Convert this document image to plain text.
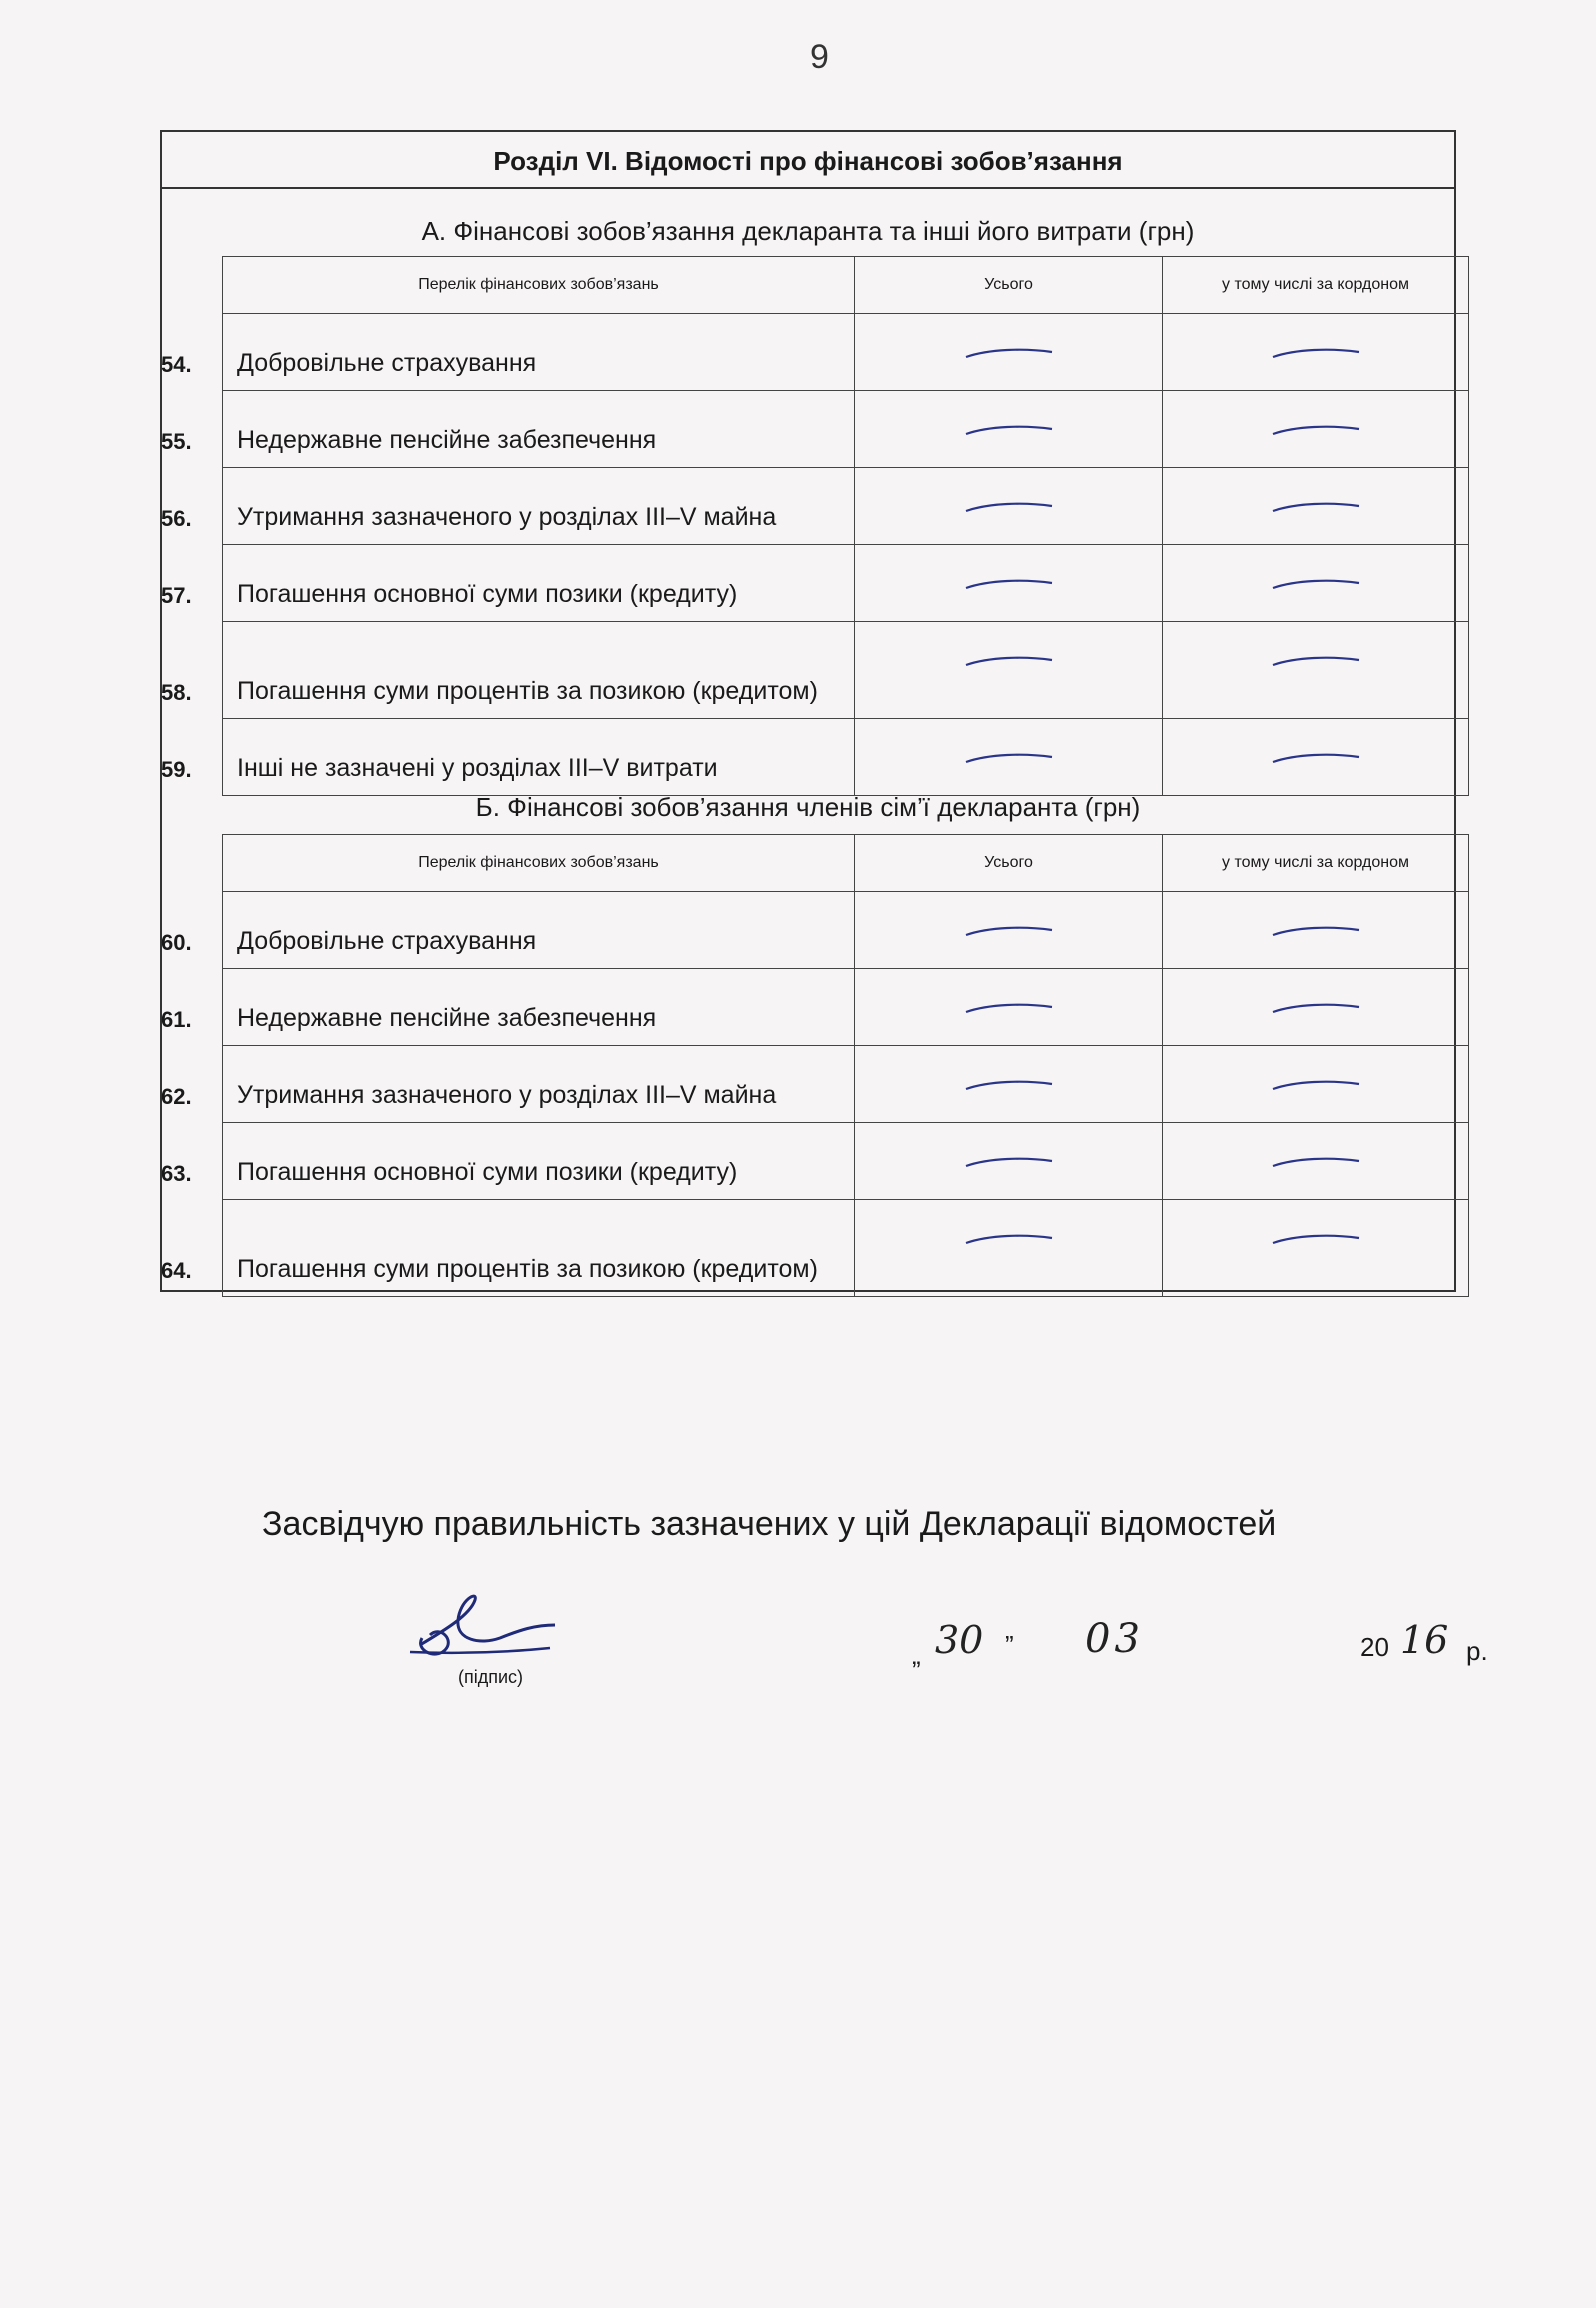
9
Розділ VI. Відомості про фінансові зобов’язання
А. Фінансові зобов’язання декларанта та інші його витрати (грн)
Перелік фінансових зобов’язань	Усього	у тому числі за кордоном

54. Добровільне страхування	

55. Недержавне пенсійне забезпечення	

56. Утримання зазначеного у розділах III–V майна	

57. Погашення основної суми позики (кредиту)	

58. Погашення суми процентів за позикою (кредитом)	

59. Інші не зазначені у розділах III–V витрати	

Б. Фінансові зобов’язання членів сім’ї декларанта (грн)
Перелік фінансових зобов’язань	Усього	у тому числі за кордоном

60. Добровільне страхування	

61. Недержавне пенсійне забезпечення	

62. Утримання зазначеного у розділах III–V майна	

63. Погашення основної суми позики (кредиту)	

64. Погашення суми процентів за позикою (кредитом)	

Засвідчую правильність зазначених у цій Декларації відомостей
(підпис)
„ 30 ” 03	20 16 р.
